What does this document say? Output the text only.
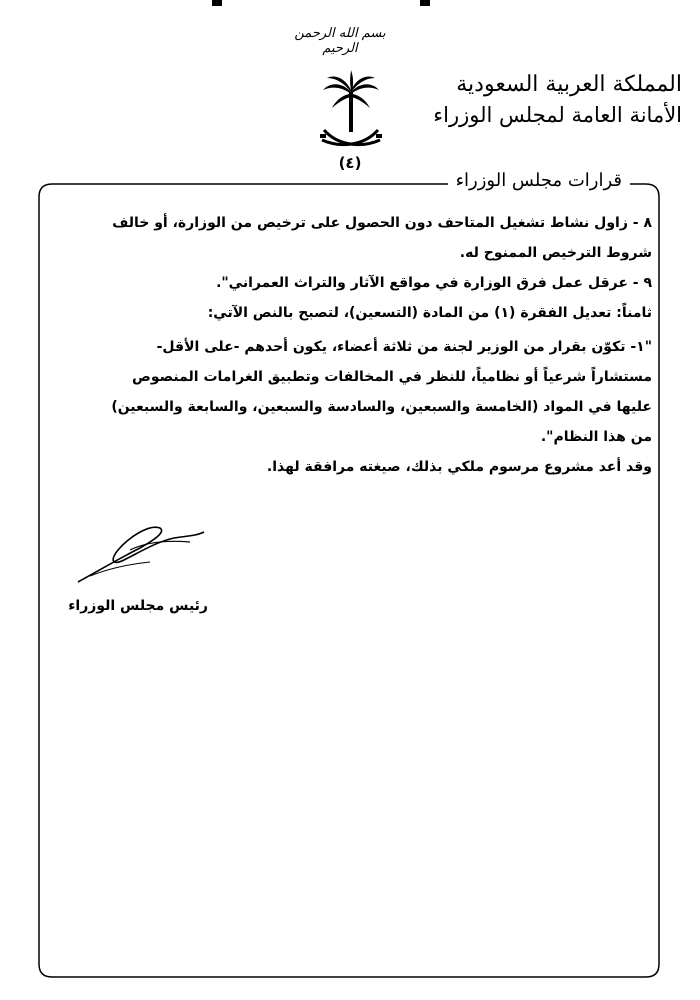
بسم الله الرحمن الرحيم
(٤)
المملكة العربية السعودية
الأمانة العامة لمجلس الوزراء
قرارات مجلس الوزراء
٨ - زاول نشاط تشغيل المتاحف دون الحصول على ترخيص من الوزارة، أو خالف
شروط الترخيص الممنوح له.
٩ - عرقل عمل فرق الوزارة في مواقع الآثار والتراث العمراني".
ثامناً: تعديل الفقرة (١) من المادة (التسعين)، لتصبح بالنص الآتي:
"١- تكوّن بقرار من الوزير لجنة من ثلاثة أعضاء، يكون أحدهم -على الأقل-
مستشاراً شرعياً أو نظامياً، للنظر في المخالفات وتطبيق الغرامات المنصوص
عليها في المواد (الخامسة والسبعين، والسادسة والسبعين، والسابعة والسبعين)
من هذا النظام".
وقد أعد مشروع مرسوم ملكي بذلك، صيغته مرافقة لهذا.
رئيس مجلس الوزراء
